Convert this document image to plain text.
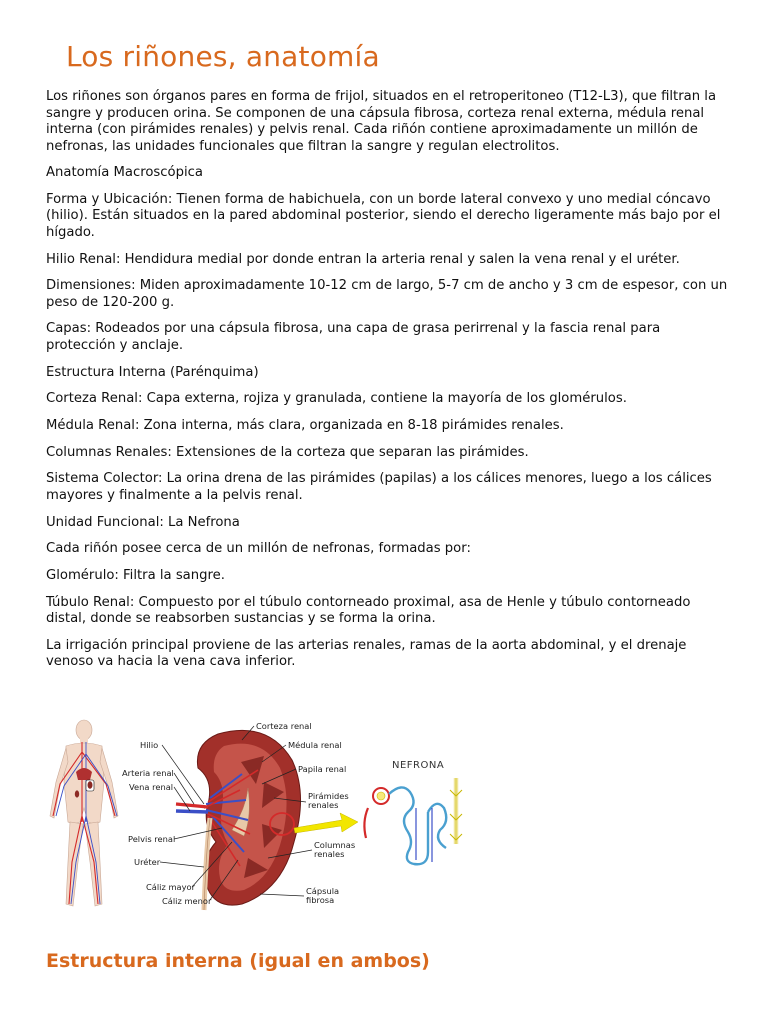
Los riñones, anatomía

Los riñones son órganos pares en forma de frijol, situados en el retroperitoneo (T12-L3), que filtran la sangre y producen orina. Se componen de una cápsula fibrosa, corteza renal externa, médula renal interna (con pirámides renales) y pelvis renal. Cada riñón contiene aproximadamente un millón de nefronas, las unidades funcionales que filtran la sangre y regulan electrolitos.

Anatomía Macroscópica

Forma y Ubicación: Tienen forma de habichuela, con un borde lateral convexo y uno medial cóncavo (hilio). Están situados en la pared abdominal posterior, siendo el derecho ligeramente más bajo por el hígado.

Hilio Renal: Hendidura medial por donde entran la arteria renal y salen la vena renal y el uréter.

Dimensiones: Miden aproximadamente 10-12 cm de largo, 5-7 cm de ancho y 3 cm de espesor, con un peso de 120-200 g.

Capas: Rodeados por una cápsula fibrosa, una capa de grasa perirrenal y la fascia renal para protección y anclaje.

Estructura Interna (Parénquima)

Corteza Renal: Capa externa, rojiza y granulada, contiene la mayoría de los glomérulos.

Médula Renal: Zona interna, más clara, organizada en 8-18 pirámides renales.

Columnas Renales: Extensiones de la corteza que separan las pirámides.

Sistema Colector: La orina drena de las pirámides (papilas) a los cálices menores, luego a los cálices mayores y finalmente a la pelvis renal.

Unidad Funcional: La Nefrona

Cada riñón posee cerca de un millón de nefronas, formadas por:

Glomérulo: Filtra la sangre.

Túbulo Renal: Compuesto por el túbulo contorneado proximal, asa de Henle y túbulo contorneado distal, donde se reabsorben sustancias y se forma la orina.

La irrigación principal proviene de las arterias renales, ramas de la aorta abdominal, y el drenaje venoso va hacia la vena cava inferior.

NEFRONA
Hilio
Arteria renal
Vena renal
Pelvis renal
Uréter
Cáliz mayor
Cáliz menor
Corteza renal
Médula renal
Papila renal
Pirámides
renales
Columnas
renales
Cápsula
fibrosa
Estructura interna (igual en ambos)
